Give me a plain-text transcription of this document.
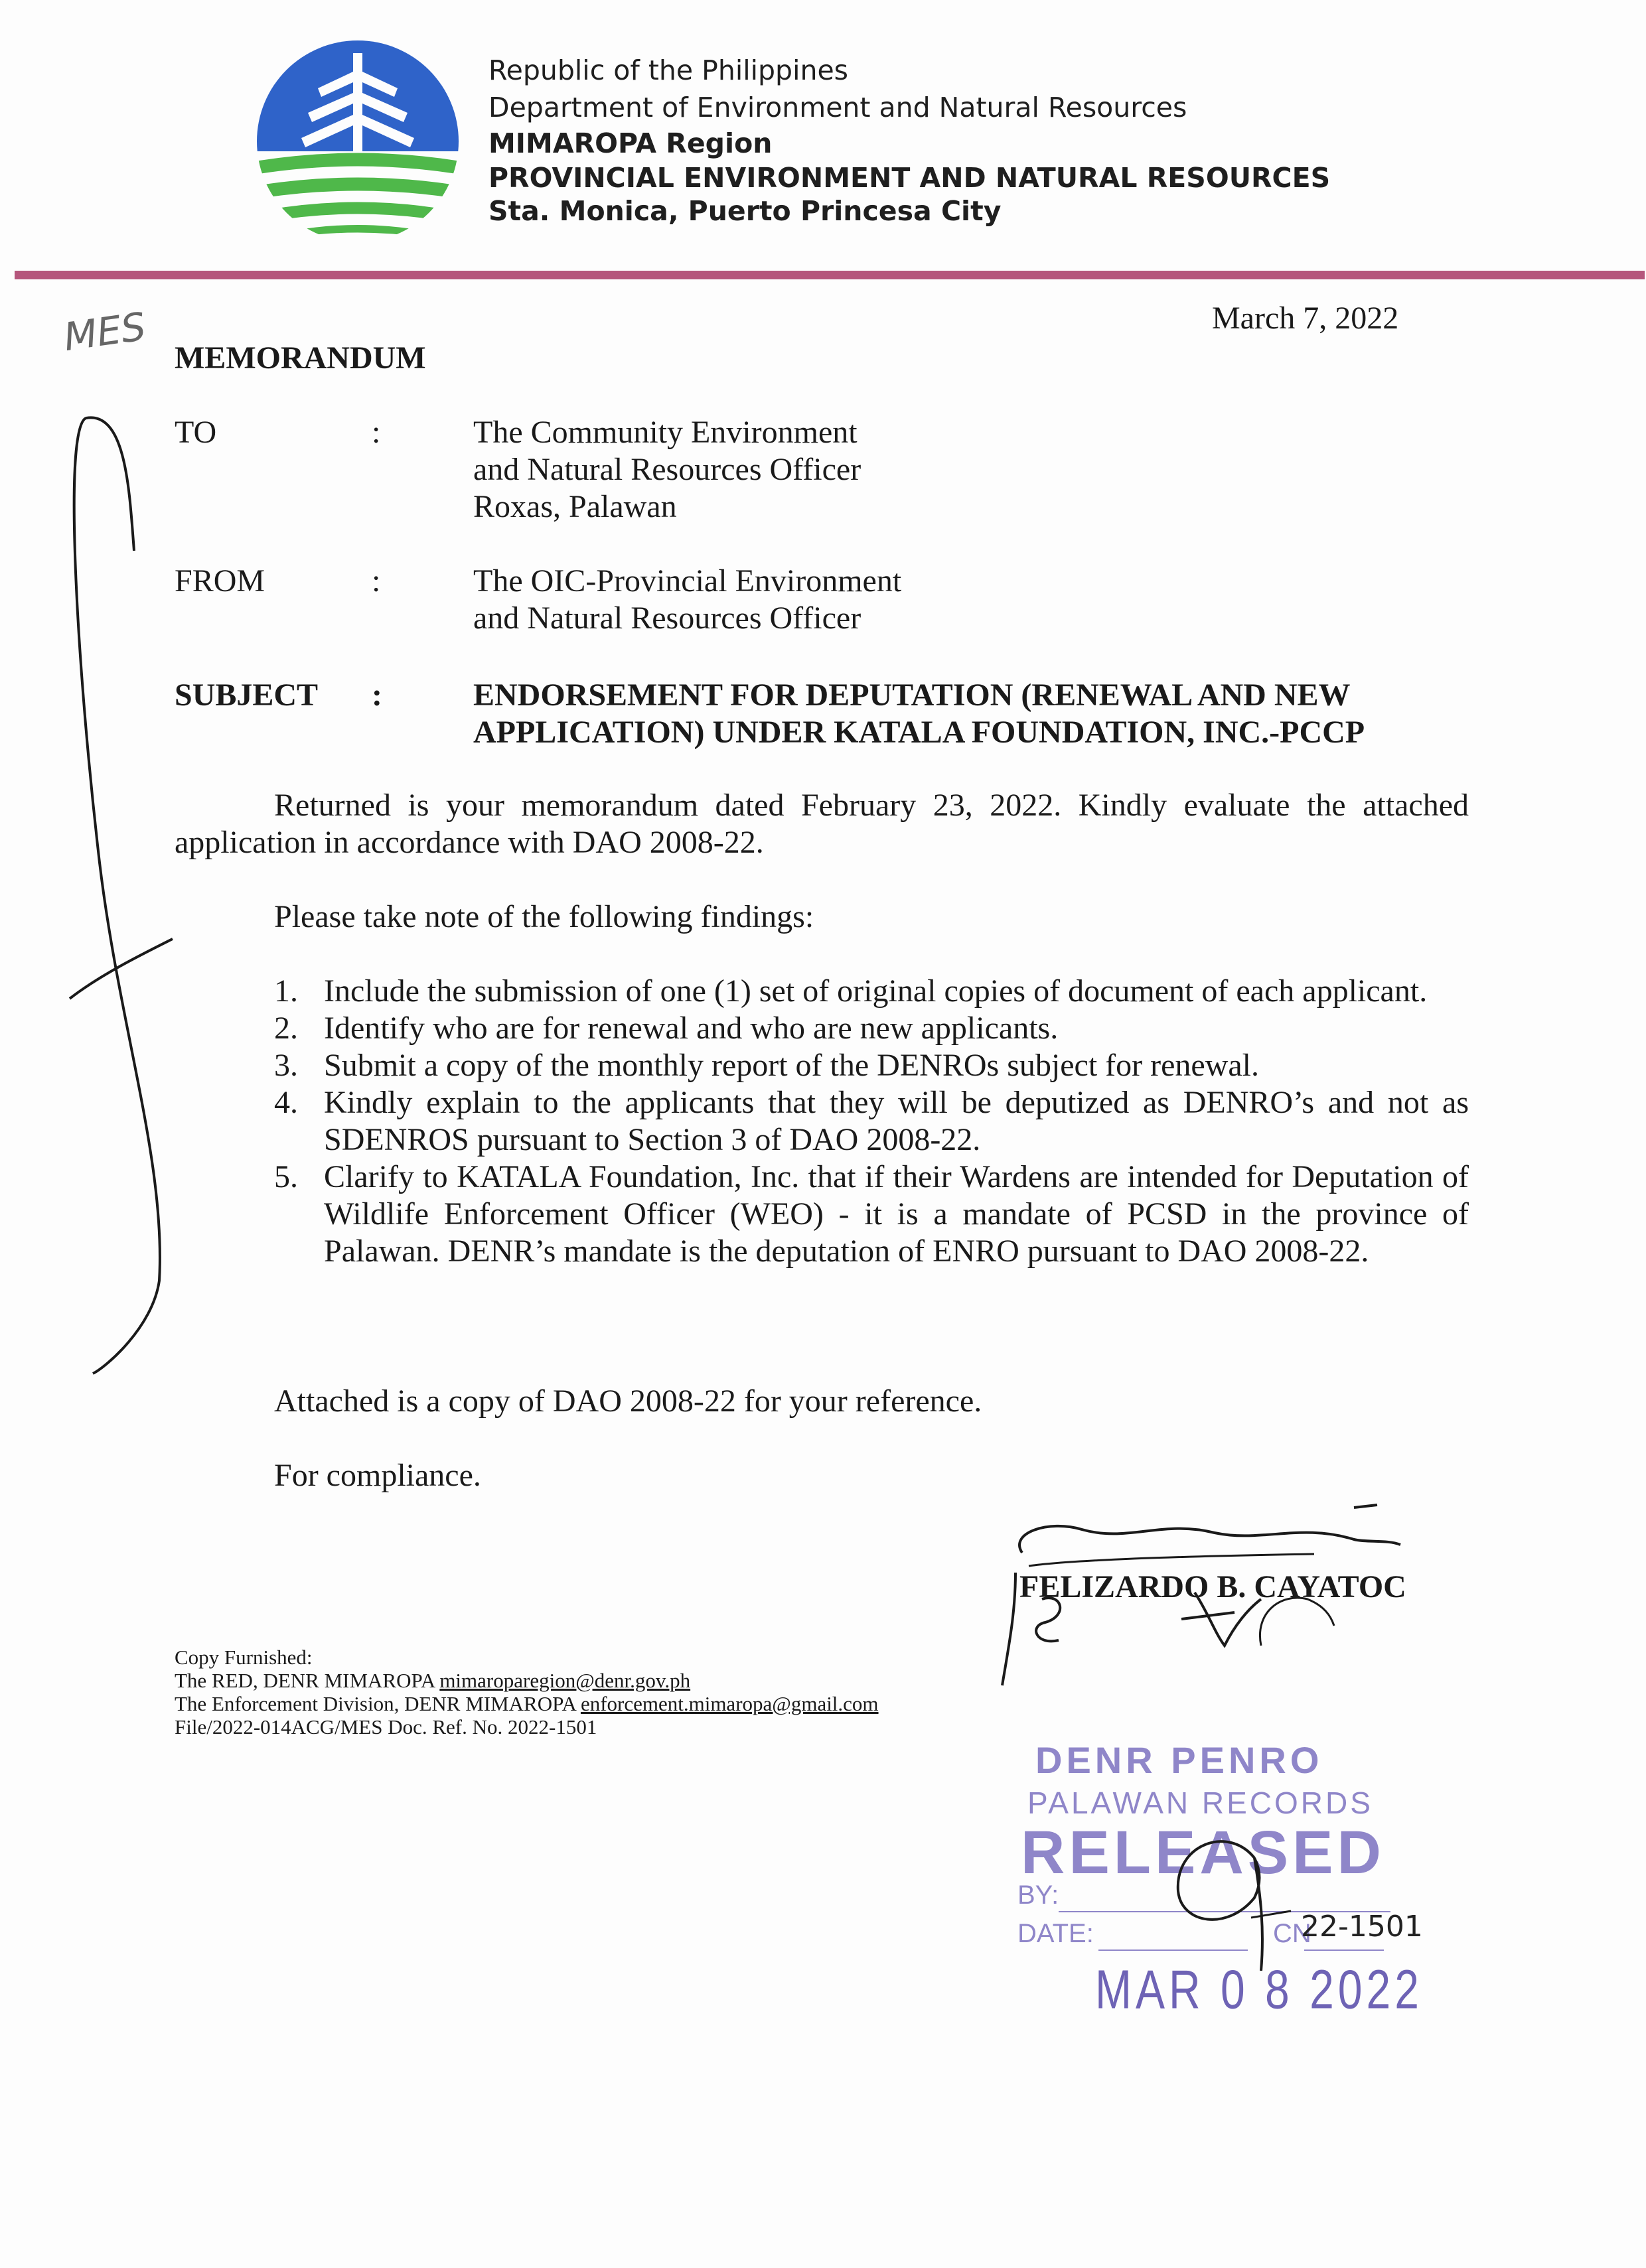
Republic of the Philippines
Department of Environment and Natural Resources
MIMAROPA Region
PROVINCIAL ENVIRONMENT AND NATURAL RESOURCES
Sta. Monica, Puerto Princesa City
MES	March 7, 2022
MEMORANDUM
TO	:	The Community Environment
and Natural Resources Officer
Roxas, Palawan
FROM	:	The OIC-Provincial Environment
and Natural Resources Officer
SUBJECT :	ENDORSEMENT FOR DEPUTATION (RENEWAL AND NEW APPLICATION) UNDER KATALA FOUNDATION, INC.-PCCP
Returned is your memorandum dated February 23, 2022. Kindly evaluate the attached application in accordance with DAO 2008-22.
Please take note of the following findings:
1. Include the submission of one (1) set of original copies of document of each applicant.
2. Identify who are for renewal and who are new applicants.
3. Submit a copy of the monthly report of the DENROs subject for renewal.
4. Kindly explain to the applicants that they will be deputized as DENRO’s and not as SDENROS pursuant to Section 3 of DAO 2008-22.
5. Clarify to KATALA Foundation, Inc. that if their Wardens are intended for Deputation of Wildlife Enforcement Officer (WEO) - it is a mandate of PCSD in the province of Palawan. DENR’s mandate is the deputation of ENRO pursuant to DAO 2008-22.
Attached is a copy of DAO 2008-22 for your reference.
For compliance.
FELIZARDO B. CAYATOC
Copy Furnished:
The RED, DENR MIMAROPA mimaroparegion@denr.gov.ph
The Enforcement Division, DENR MIMAROPA enforcement.mimaropa@gmail.com
File/2022-014ACG/MES Doc. Ref. No. 2022-1501
DENR PENRO
PALAWAN RECORDS
RELEASED
BY:
DATE:	CN
22-1501
MAR 0 8 2022
